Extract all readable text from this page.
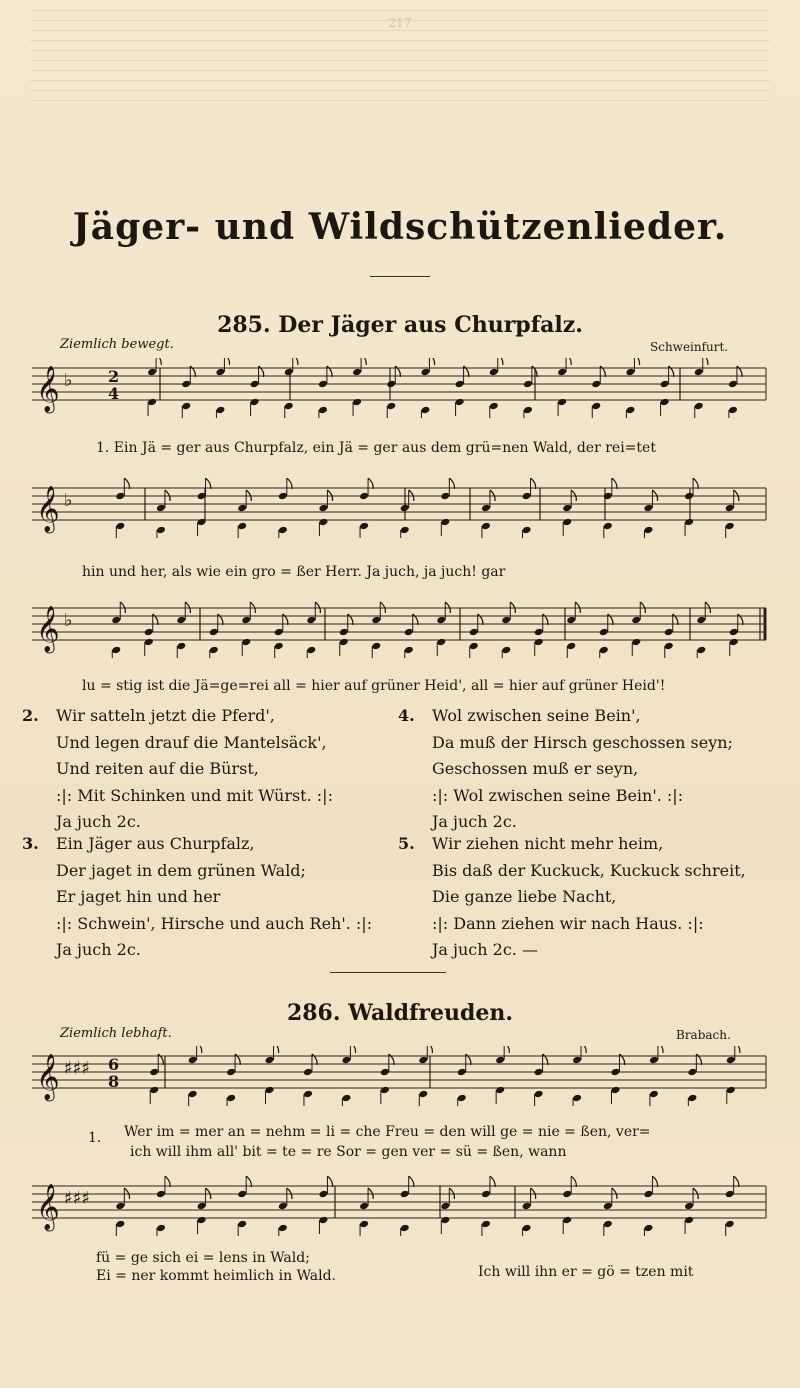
217
Jäger- und Wildschützenlieder.
285. Der Jäger aus Churpfalz.
Ziemlich bewegt.	Schweinfurt.
𝄞 ♭ 2
4
1. Ein Jä = ger aus Churpfalz, ein Jä = ger aus dem grü=nen Wald, der rei=tet
𝄞 ♭
hin und her, als wie ein gro = ßer Herr. Ja juch, ja juch! gar
𝄞 ♭
lu = stig ist die Jä=ge=rei all = hier auf grüner Heid', all = hier auf grüner Heid'!
2. Wir satteln jetzt die Pferd',
Und legen drauf die Mantelsäck',
Und reiten auf die Bürst,
:|: Mit Schinken und mit Würst. :|:
Ja juch 2c.
3. Ein Jäger aus Churpfalz,
Der jaget in dem grünen Wald;
Er jaget hin und her
:|: Schwein', Hirsche und auch Reh'. :|:
Ja juch 2c.
4. Wol zwischen seine Bein',
Da muß der Hirsch geschossen seyn;
Geschossen muß er seyn,
:|: Wol zwischen seine Bein'. :|:
Ja juch 2c.
5. Wir ziehen nicht mehr heim,
Bis daß der Kuckuck, Kuckuck schreit,
Die ganze liebe Nacht,
:|: Dann ziehen wir nach Haus. :|:
Ja juch 2c. —
286. Waldfreuden.
Ziemlich lebhaft.	Brabach.
𝄞 ♯♯♯ 6
8
1. Wer im = mer an = nehm = li = che Freu = den will ge = nie = ßen, ver=
ich will ihm all' bit = te = re Sor = gen ver = sü = ßen, wann
𝄞 ♯♯♯
fü = ge sich ei = lens in Wald;
Ei = ner kommt heimlich in Wald.	Ich will ihn er = gö = tzen mit
